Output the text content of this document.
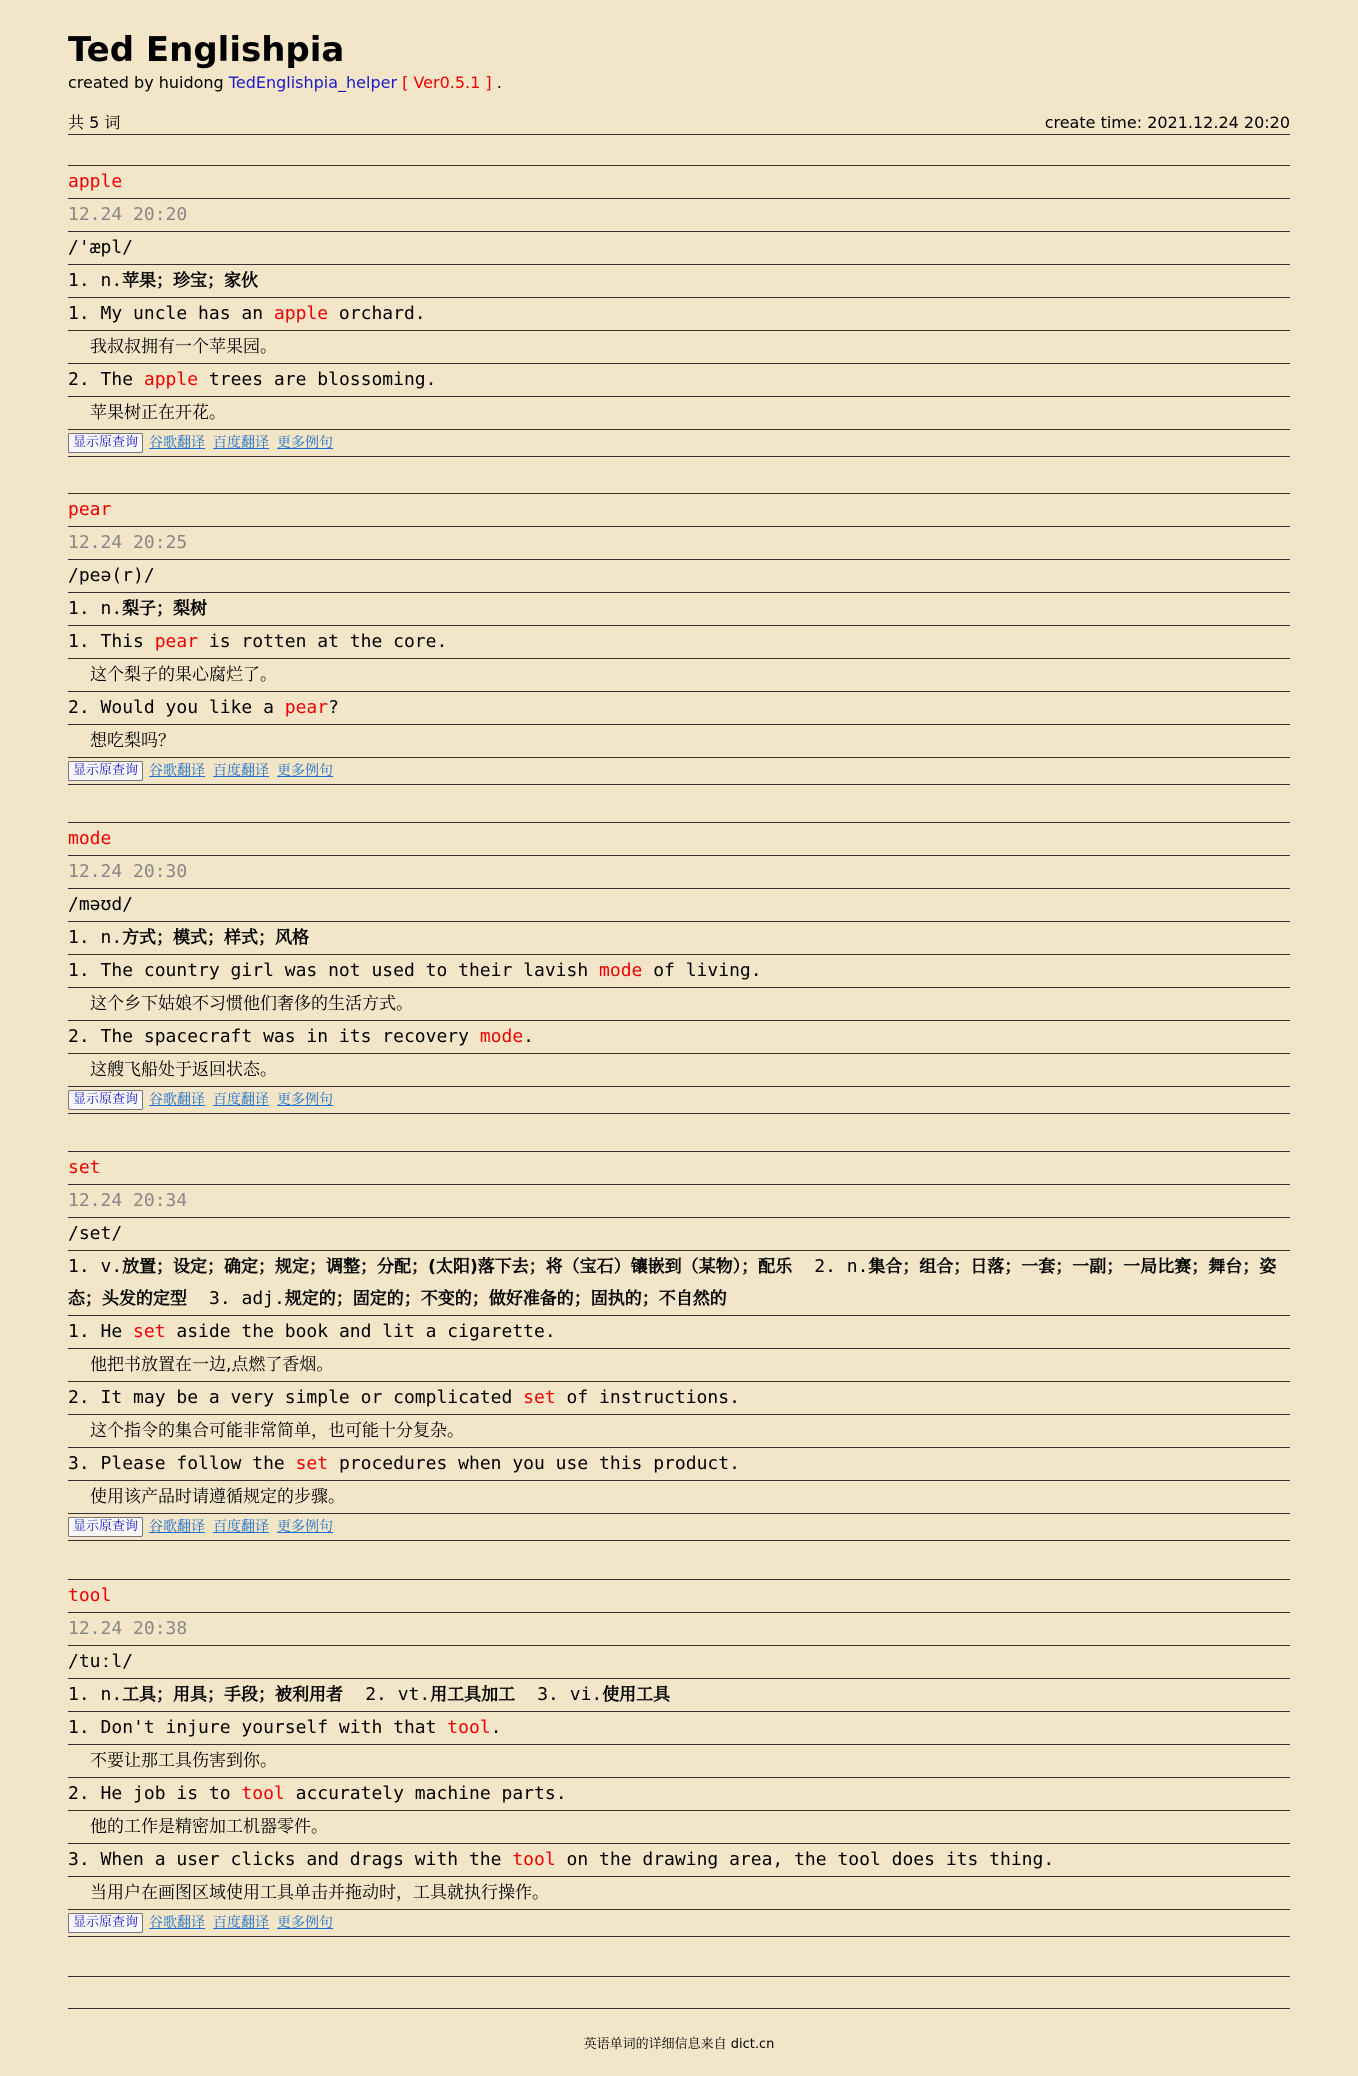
Ted Englishpia
created by huidong TedEnglishpia_helper [ Ver0.5.1 ] .
共 5 词	create time: 2021.12.24 20:20
apple
12.24 20:20
/'æpl/
1. n.苹果；珍宝；家伙
1. My uncle has an apple orchard.
我叔叔拥有一个苹果园。
2. The apple trees are blossoming.
苹果树正在开花。
显示原查询 谷歌翻译 百度翻译 更多例句
pear
12.24 20:25
/peə(r)/
1. n.梨子；梨树
1. This pear is rotten at the core.
这个梨子的果心腐烂了。
2. Would you like a pear?
想吃梨吗？
显示原查询 谷歌翻译 百度翻译 更多例句
mode
12.24 20:30
/məʊd/
1. n.方式；模式；样式；风格
1. The country girl was not used to their lavish mode of living.
这个乡下姑娘不习惯他们奢侈的生活方式。
2. The spacecraft was in its recovery mode.
这艘飞船处于返回状态。
显示原查询 谷歌翻译 百度翻译 更多例句
set
12.24 20:34
/set/
1. v.放置；设定；确定；规定；调整；分配；(太阳)落下去；将（宝石）镶嵌到（某物）；配乐 2. n.集合；组合；日落；一套；一副；一局比赛；舞台；姿态；头发的定型 3. adj.规定的；固定的；不变的；做好准备的；固执的；不自然的
1. He set aside the book and lit a cigarette.
他把书放置在一边,点燃了香烟。
2. It may be a very simple or complicated set of instructions.
这个指令的集合可能非常简单，也可能十分复杂。
3. Please follow the set procedures when you use this product.
使用该产品时请遵循规定的步骤。
显示原查询 谷歌翻译 百度翻译 更多例句
tool
12.24 20:38
/tuːl/
1. n.工具；用具；手段；被利用者 2. vt.用工具加工 3. vi.使用工具
1. Don't injure yourself with that tool.
不要让那工具伤害到你。
2. He job is to tool accurately machine parts.
他的工作是精密加工机器零件。
3. When a user clicks and drags with the tool on the drawing area, the tool does its thing.
当用户在画图区域使用工具单击并拖动时，工具就执行操作。
显示原查询 谷歌翻译 百度翻译 更多例句
英语单词的详细信息来自 dict.cn
